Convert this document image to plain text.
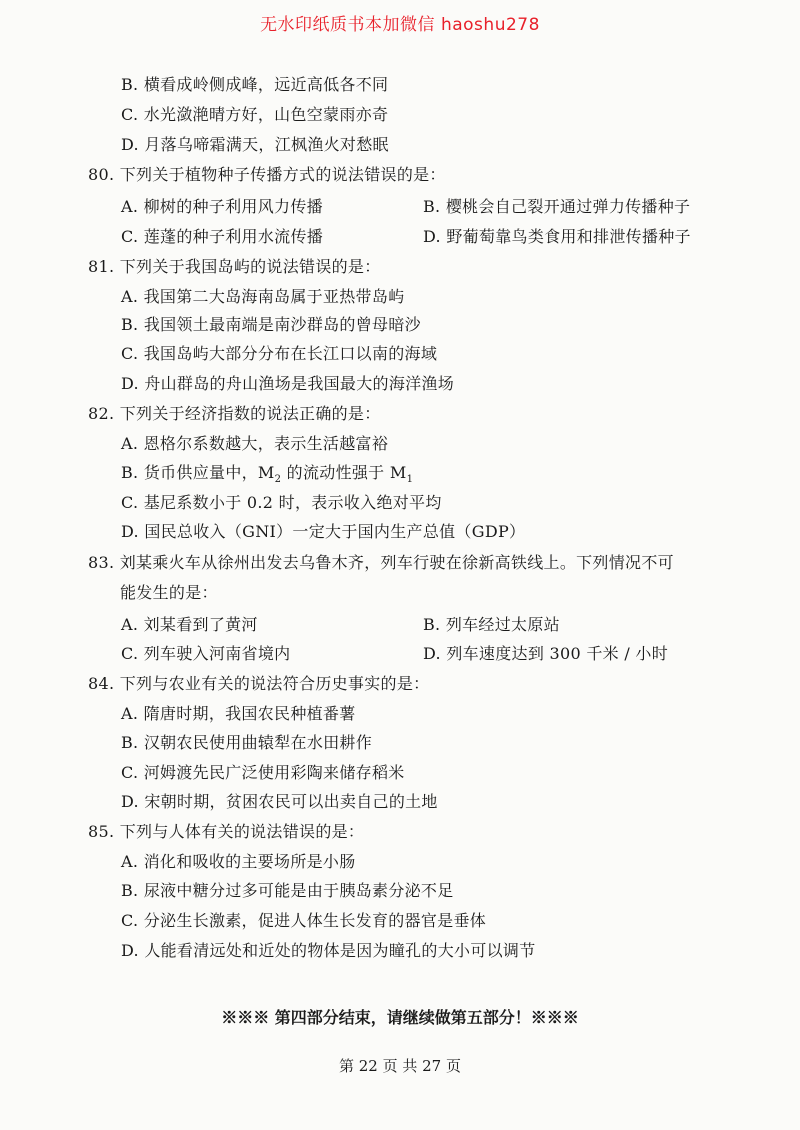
无水印纸质书本加微信 haoshu278
B. 横看成岭侧成峰，远近高低各不同
C. 水光潋滟晴方好，山色空蒙雨亦奇
D. 月落乌啼霜满天，江枫渔火对愁眠
80. 下列关于植物种子传播方式的说法错误的是：
A. 柳树的种子利用风力传播	B. 樱桃会自己裂开通过弹力传播种子
C. 莲蓬的种子利用水流传播	D. 野葡萄靠鸟类食用和排泄传播种子
81. 下列关于我国岛屿的说法错误的是：
A. 我国第二大岛海南岛属于亚热带岛屿
B. 我国领土最南端是南沙群岛的曾母暗沙
C. 我国岛屿大部分分布在长江口以南的海域
D. 舟山群岛的舟山渔场是我国最大的海洋渔场
82. 下列关于经济指数的说法正确的是：
A. 恩格尔系数越大，表示生活越富裕
B. 货币供应量中，$M_2$ 的流动性强于 $M_1$
C. 基尼系数小于 0.2 时，表示收入绝对平均
D. 国民总收入（GNI）一定大于国内生产总值（GDP）
83. 刘某乘火车从徐州出发去乌鲁木齐，列车行驶在徐新高铁线上。下列情况不可
能发生的是：
A. 刘某看到了黄河	B. 列车经过太原站
C. 列车驶入河南省境内	D. 列车速度达到 300 千米 / 小时
84. 下列与农业有关的说法符合历史事实的是：
A. 隋唐时期，我国农民种植番薯
B. 汉朝农民使用曲辕犁在水田耕作
C. 河姆渡先民广泛使用彩陶来储存稻米
D. 宋朝时期，贫困农民可以出卖自己的土地
85. 下列与人体有关的说法错误的是：
A. 消化和吸收的主要场所是小肠
B. 尿液中糖分过多可能是由于胰岛素分泌不足
C. 分泌生长激素，促进人体生长发育的器官是垂体
D. 人能看清远处和近处的物体是因为瞳孔的大小可以调节
※※※ 第四部分结束，请继续做第五部分！※※※
第 22 页 共 27 页
